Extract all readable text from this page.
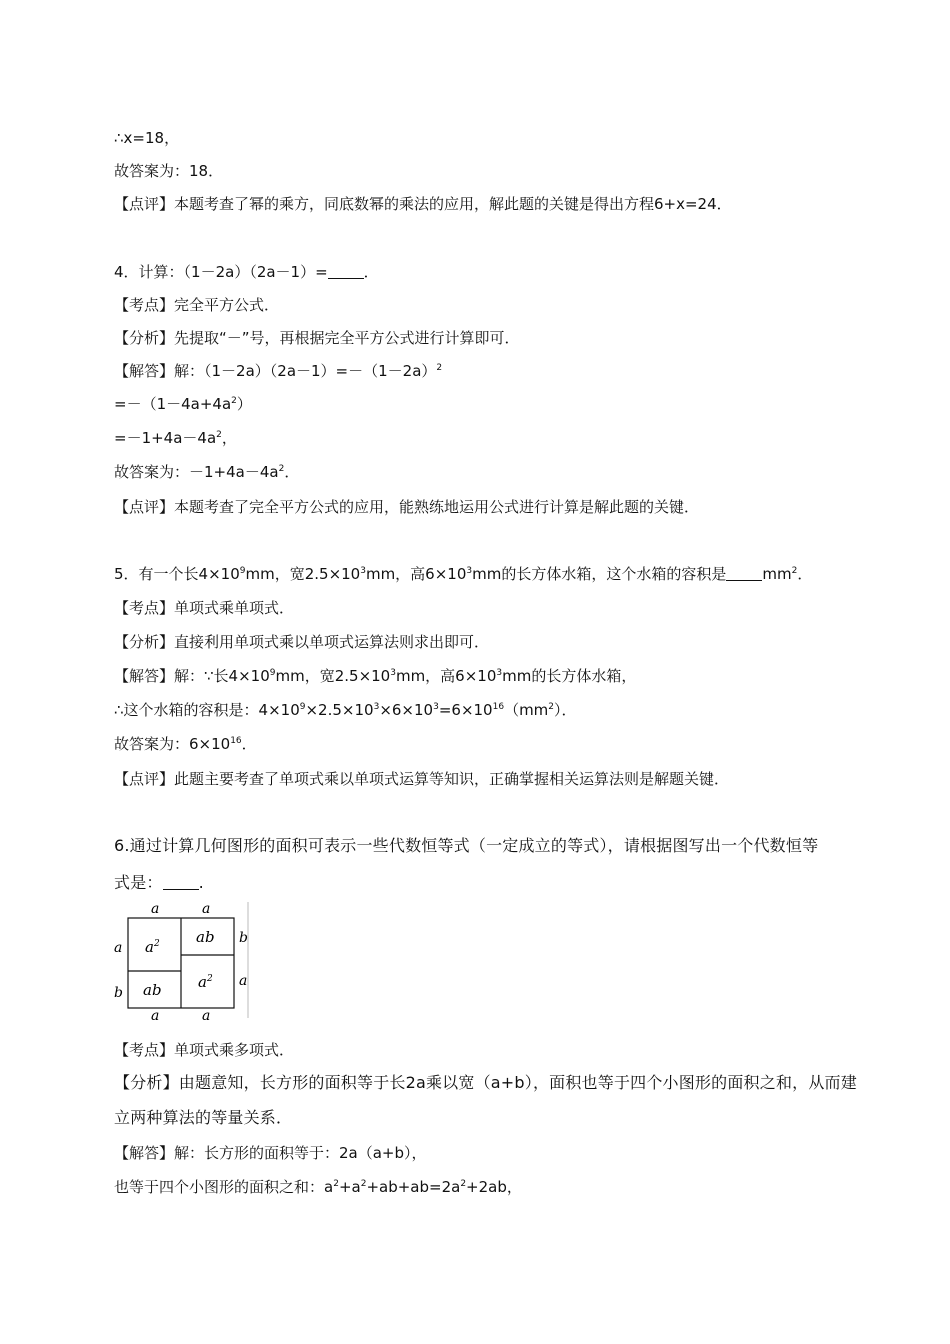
∴x=18，
故答案为：18．
【点评】本题考查了幂的乘方，同底数幂的乘法的应用，解此题的关键是得出方程6+x=24．
4．计算：（1－2a）（2a－1）= ．
【考点】完全平方公式．
【分析】先提取“－”号，再根据完全平方公式进行计算即可．
【解答】解：$(1-2a)(2a-1)=-(1-2a)^2$
$=-(1-4a+4a^2)$
$=-1+4a-4a^2$，
故答案为：$-1+4a-4a^2$．
【点评】本题考查了完全平方公式的应用，能熟练地运用公式进行计算是解此题的关键．
5．有一个长$4\times 10^9mm$，宽$2.5\times 10^3mm$，高$6\times 10^3mm$的长方体水箱，这个水箱的容积是 $mm^2$．
【考点】单项式乘单项式．
【分析】直接利用单项式乘以单项式运算法则求出即可．
【解答】解：∵长$4\times 10^9mm$，宽$2.5\times 10^3mm$，高$6\times 10^3mm$的长方体水箱，
∴这个水箱的容积是：$4\times 10^9\times 2.5\times 10^3\times 6\times 10^3=6\times 10^{16}(mm^2)$．
故答案为：$6\times 10^{16}$．
【点评】此题主要考查了单项式乘以单项式运算等知识，正确掌握相关运算法则是解题关键．
6.通过计算几何图形的面积可表示一些代数恒等式（一定成立的等式），请根据图写出一个代数恒等
式是： .
a	a
a	a
a
b
b
a
$a^2$
ab
ab
$a^2$
【考点】单项式乘多项式．
【分析】由题意知，长方形的面积等于长2a乘以宽（a+b），面积也等于四个小图形的面积之和，从而建
立两种算法的等量关系．
【解答】解：长方形的面积等于：2a（a+b），
也等于四个小图形的面积之和：$a^2+a^2+ab+ab=2a^2+2ab$，
